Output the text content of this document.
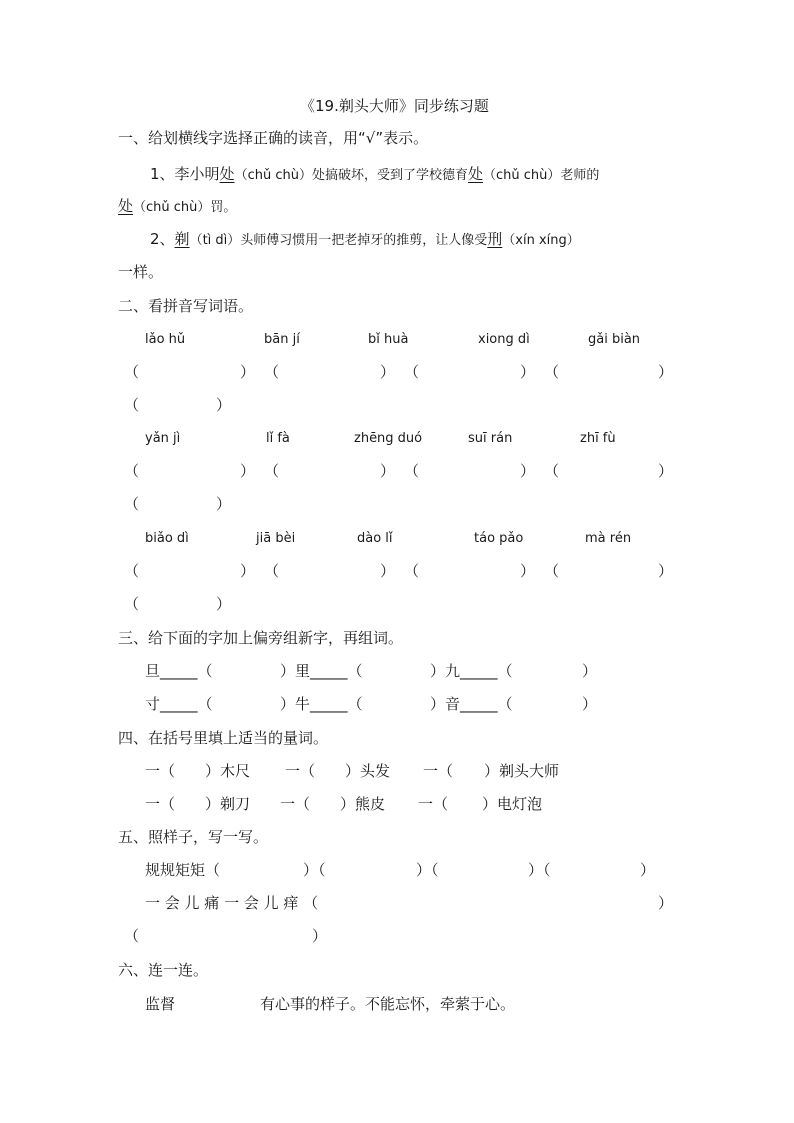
《19.剃头大师》同步练习题
一、给划横线字选择正确的读音，用“√”表示。
1、李小明处（chǔ chù）处搞破坏，受到了学校德育处（chǔ chù）老师的
处（chǔ chù）罚。
2、剃（tì dì）头师傅习惯用一把老掉牙的推剪，让人像受刑（xín xíng）
一样。
二、看拼音写词语。
lǎo hǔ	bān jí	bǐ huà	xiong dì	gǎi biàn
（	） （	） （	） （	）
（	）
yǎn jì	lǐ fà	zhēng duó	suī rán	zhī fù
（	） （	） （	） （	）
（	）
biǎo dì	jiā bèi	dào lǐ	táo pǎo	mà rén
（	） （	） （	） （	）
（	）
三、给下面的字加上偏旁组新字，再组词。
旦_____（	）里_____（	）九_____（	）
寸_____（	）牛_____（	）音_____（	）
四、在括号里填上适当的量词。
一（ ）木尺 一（ ）头发 一（ ）剃头大师
一（ ）剃刀 一（ ）熊皮 一（ ）电灯泡
五、照样子，写一写。
规规矩矩（	）（	）（	）（	）
一 会 儿 痛 一 会 儿 痒 （	）
（	）
六、连一连。
监督	有心事的样子。不能忘怀，牵萦于心。
